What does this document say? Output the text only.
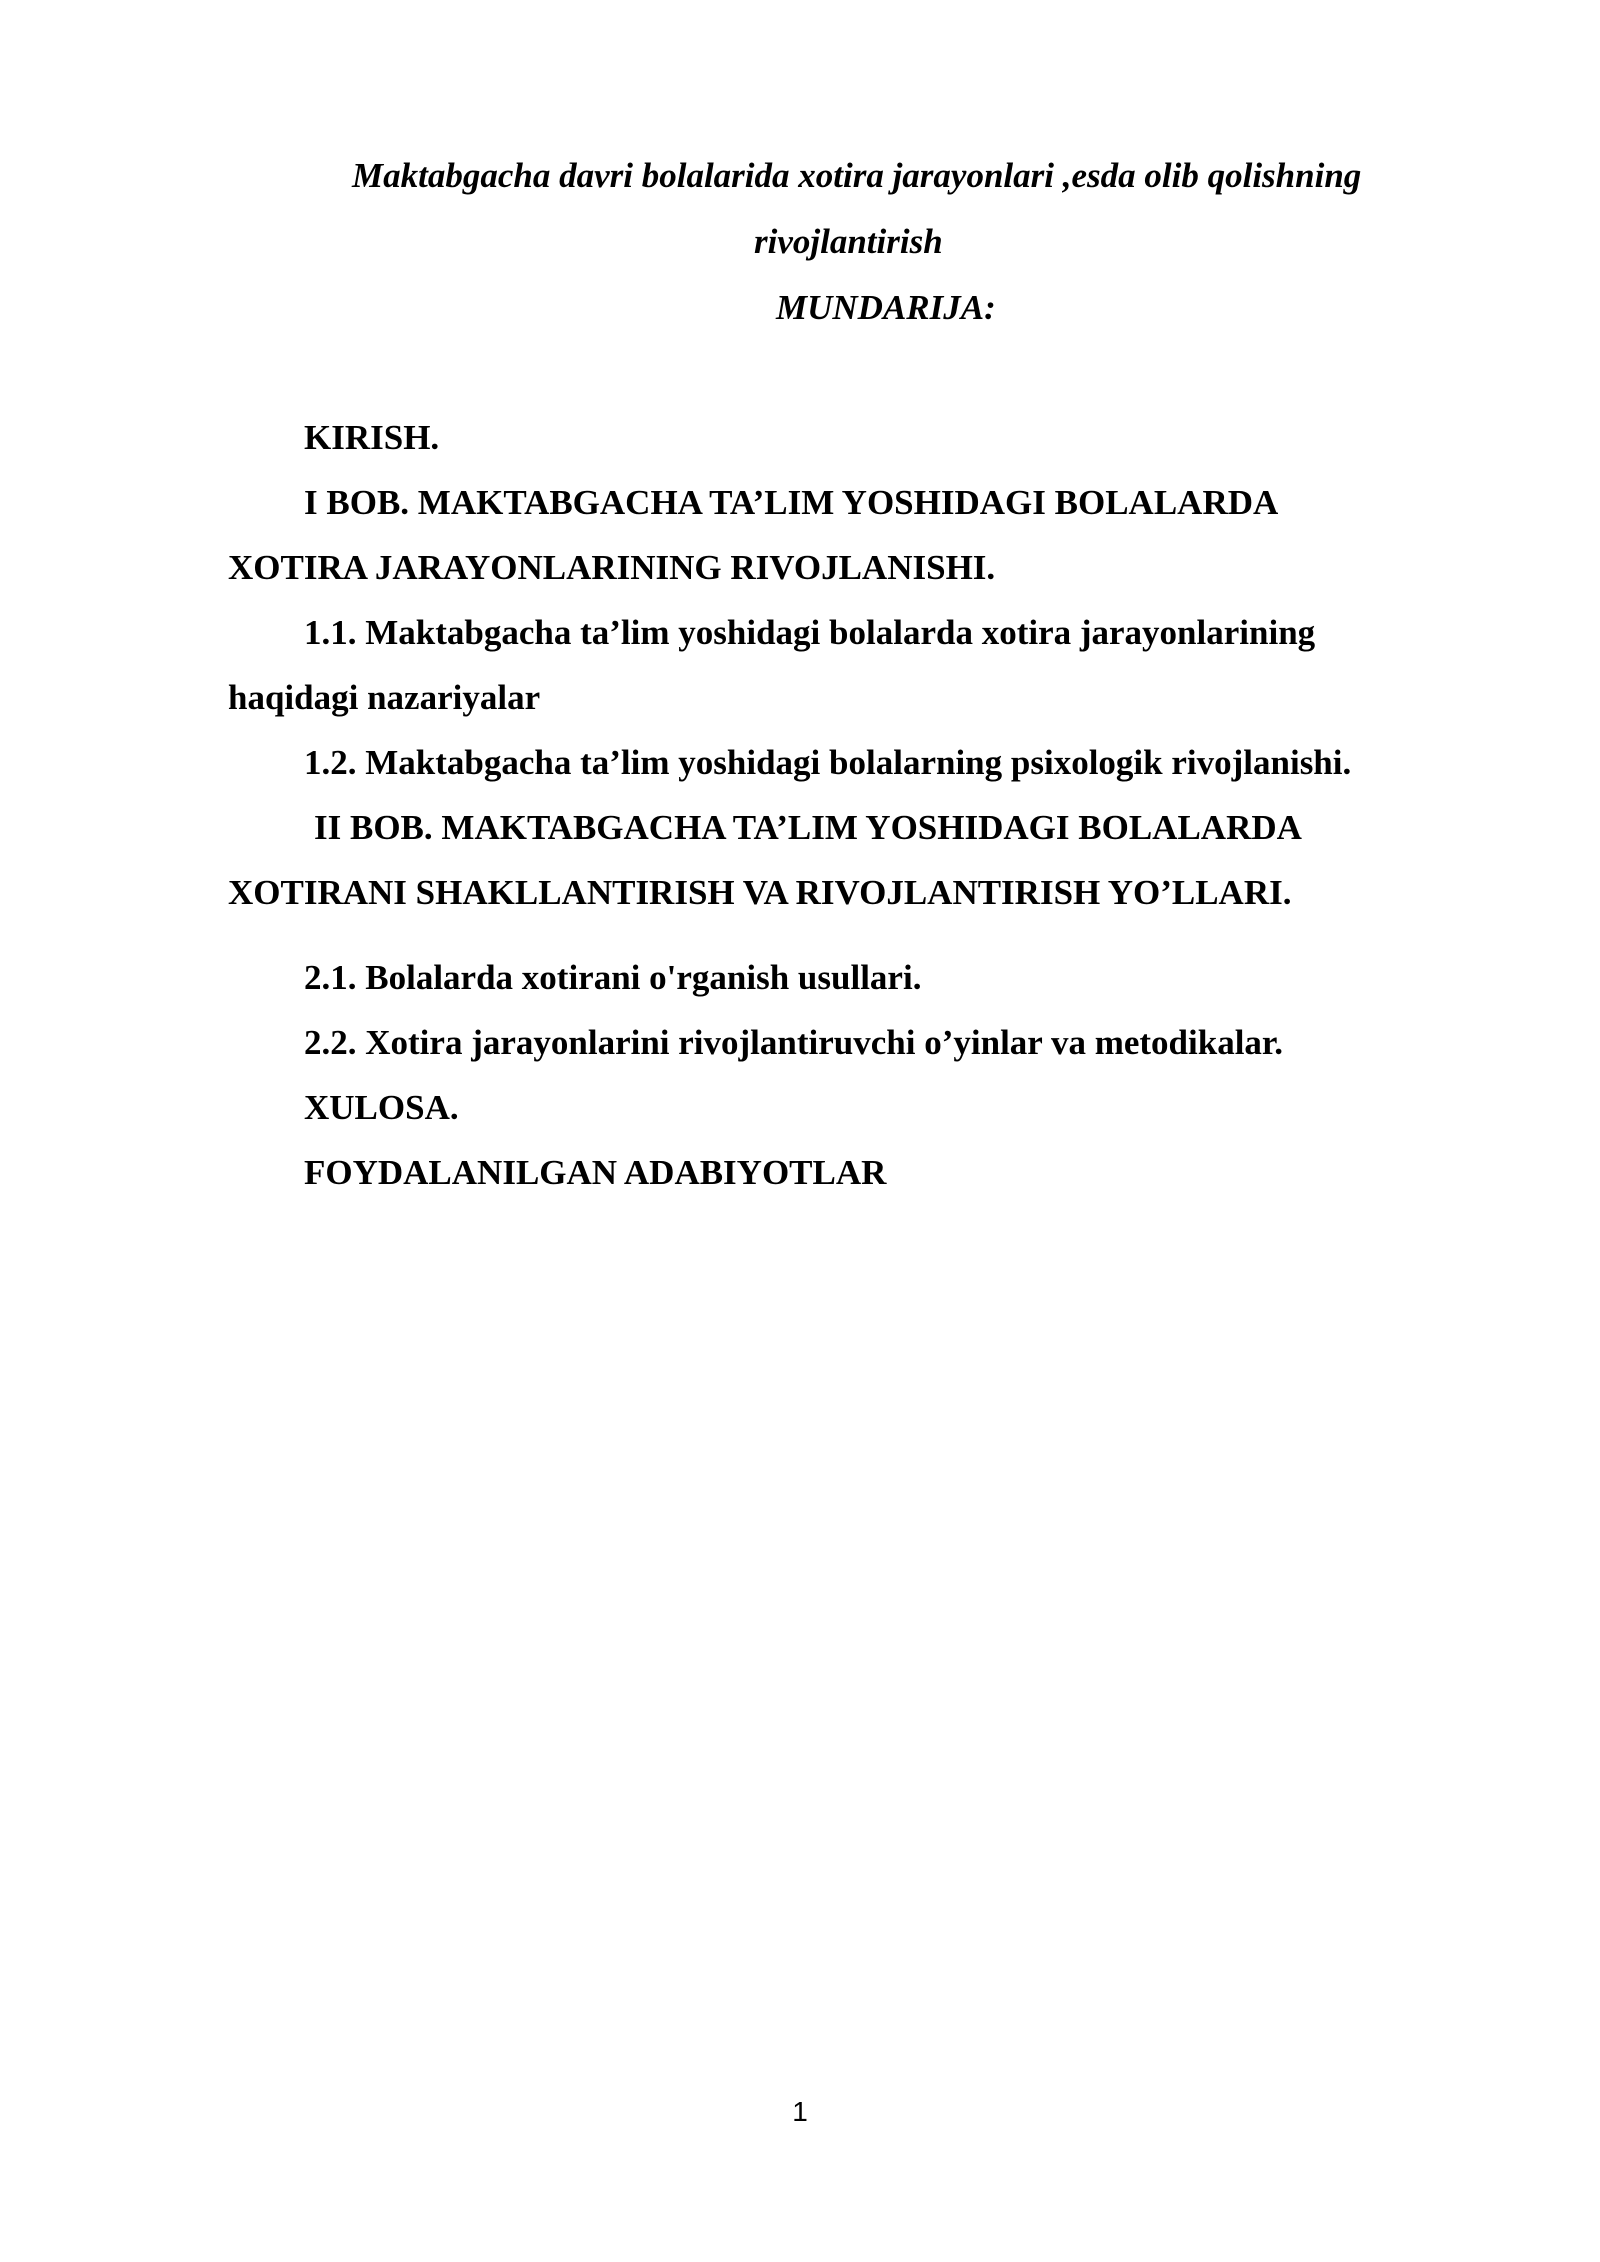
Maktabgacha davri bolalarida xotira jarayonlari ,esda olib qolishning
rivojlantirish
MUNDARIJA:
KIRISH.
I BOB. MAKTABGACHA TA’LIM YOSHIDAGI BOLALARDA
XOTIRA JARAYONLARINING RIVOJLANISHI.
1.1. Maktabgacha ta’lim yoshidagi bolalarda xotira jarayonlarining
haqidagi nazariyalar
1.2. Maktabgacha ta’lim yoshidagi bolalarning psixologik rivojlanishi.
II BOB. MAKTABGACHA TA’LIM YOSHIDAGI BOLALARDA
XOTIRANI SHAKLLANTIRISH VA RIVOJLANTIRISH YO’LLARI.
2.1. Bolalarda xotirani o'rganish usullari.
2.2. Xotira jarayonlarini rivojlantiruvchi o’yinlar va metodikalar.
XULOSA.
FOYDALANILGAN ADABIYOTLAR
1
